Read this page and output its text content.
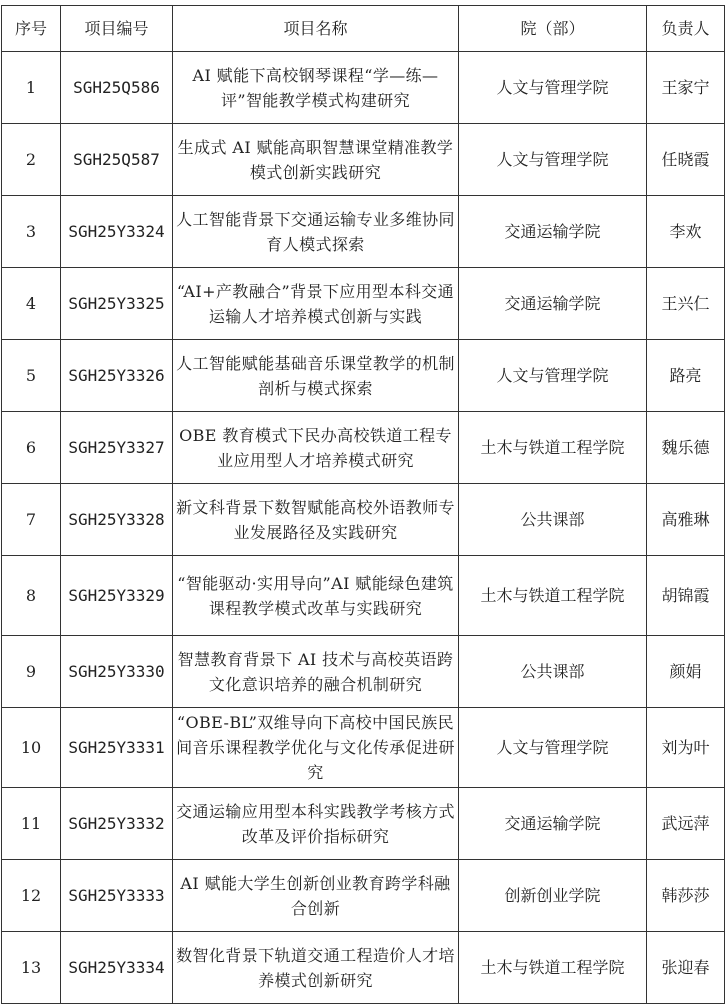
序号	项目编号	项目名称	院（部）	负责人
1	SGH25Q586	AI 赋能下高校钢琴课程“学—练—评”智能教学模式构建研究	人文与管理学院	王家宁
2	SGH25Q587	生成式 AI 赋能高职智慧课堂精准教学模式创新实践研究	人文与管理学院	任晓霞
3	SGH25Y3324	人工智能背景下交通运输专业多维协同育人模式探索	交通运输学院	李欢
4	SGH25Y3325	“AI+产教融合”背景下应用型本科交通运输人才培养模式创新与实践	交通运输学院	王兴仁
5	SGH25Y3326	人工智能赋能基础音乐课堂教学的机制剖析与模式探索	人文与管理学院	路亮
6	SGH25Y3327	OBE 教育模式下民办高校铁道工程专业应用型人才培养模式研究	土木与铁道工程学院	魏乐德
7	SGH25Y3328	新文科背景下数智赋能高校外语教师专业发展路径及实践研究	公共课部	高雅琳
8	SGH25Y3329	“智能驱动·实用导向”AI 赋能绿色建筑课程教学模式改革与实践研究	土木与铁道工程学院	胡锦霞
9	SGH25Y3330	智慧教育背景下 AI 技术与高校英语跨文化意识培养的融合机制研究	公共课部	颜娟
10	SGH25Y3331	“OBE-BL”双维导向下高校中国民族民间音乐课程教学优化与文化传承促进研究	人文与管理学院	刘为叶
11	SGH25Y3332	交通运输应用型本科实践教学考核方式改革及评价指标研究	交通运输学院	武远萍
12	SGH25Y3333	AI 赋能大学生创新创业教育跨学科融合创新	创新创业学院	韩莎莎
13	SGH25Y3334	数智化背景下轨道交通工程造价人才培养模式创新研究	土木与铁道工程学院	张迎春
